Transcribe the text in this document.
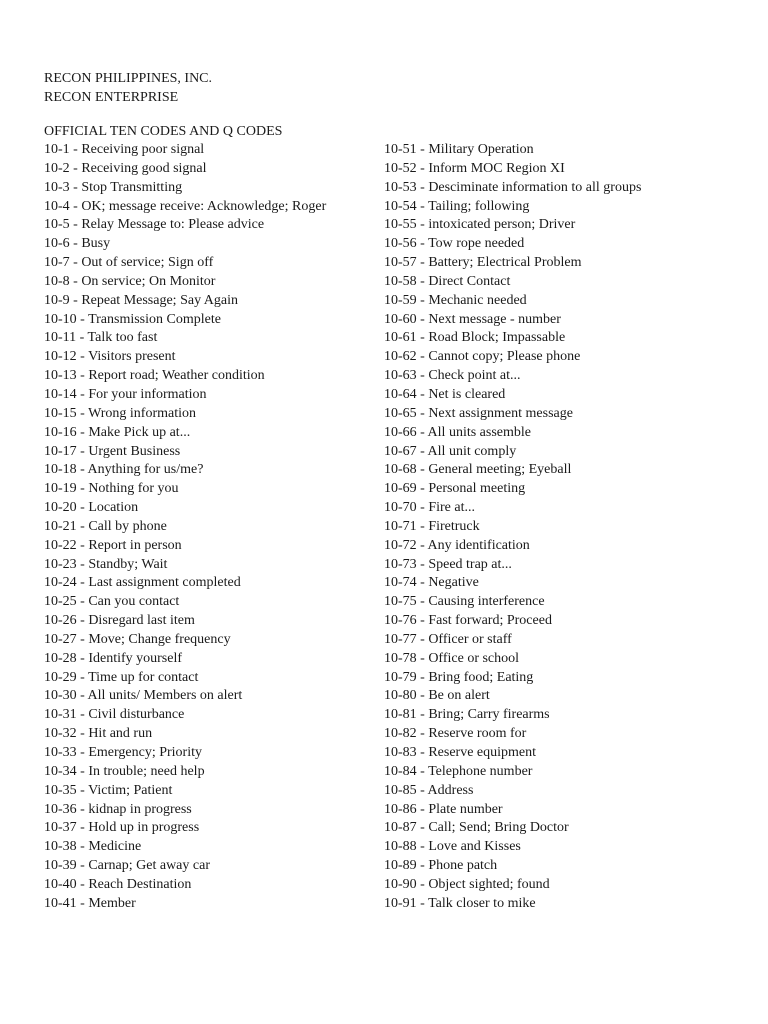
RECON PHILIPPINES, INC.
RECON ENTERPRISE
OFFICIAL TEN CODES AND Q CODES
10-1 - Receiving poor signal
10-2 - Receiving good signal
10-3 - Stop Transmitting
10-4 - OK; message receive: Acknowledge; Roger
10-5 - Relay Message to: Please advice
10-6 - Busy
10-7 - Out of service; Sign off
10-8 - On service; On Monitor
10-9 - Repeat Message; Say Again
10-10 - Transmission Complete
10-11 - Talk too fast
10-12 - Visitors present
10-13 - Report road; Weather condition
10-14 - For your information
10-15 - Wrong information
10-16 - Make Pick up at...
10-17 - Urgent Business
10-18 - Anything for us/me?
10-19 - Nothing for you
10-20 - Location
10-21 - Call by phone
10-22 - Report in person
10-23 - Standby; Wait
10-24 - Last assignment completed
10-25 - Can you contact
10-26 - Disregard last item
10-27 - Move; Change frequency
10-28 - Identify yourself
10-29 - Time up for contact
10-30 - All units/ Members on alert
10-31 - Civil disturbance
10-32 - Hit and run
10-33 - Emergency; Priority
10-34 - In trouble; need help
10-35 - Victim; Patient
10-36 - kidnap in progress
10-37 - Hold up in progress
10-38 - Medicine
10-39 - Carnap; Get away car
10-40 - Reach Destination
10-41 - Member
10-51 - Military Operation
10-52 - Inform MOC Region XI
10-53 - Desciminate information to all groups
10-54 - Tailing; following
10-55 - intoxicated person; Driver
10-56 - Tow rope needed
10-57 - Battery; Electrical Problem
10-58 - Direct Contact
10-59 - Mechanic needed
10-60 - Next message - number
10-61 - Road Block; Impassable
10-62 - Cannot copy; Please phone
10-63 - Check point at...
10-64 - Net is cleared
10-65 - Next assignment message
10-66 - All units assemble
10-67 - All unit comply
10-68 - General meeting; Eyeball
10-69 - Personal meeting
10-70 - Fire at...
10-71 - Firetruck
10-72 - Any identification
10-73 - Speed trap at...
10-74 - Negative
10-75 - Causing interference
10-76 - Fast forward; Proceed
10-77 - Officer or staff
10-78 - Office or school
10-79 - Bring food; Eating
10-80 - Be on alert
10-81 - Bring; Carry firearms
10-82 - Reserve room for
10-83 - Reserve equipment
10-84 - Telephone number
10-85 - Address
10-86 - Plate number
10-87 - Call; Send; Bring Doctor
10-88 - Love and Kisses
10-89 - Phone patch
10-90 - Object sighted; found
10-91 - Talk closer to mike
